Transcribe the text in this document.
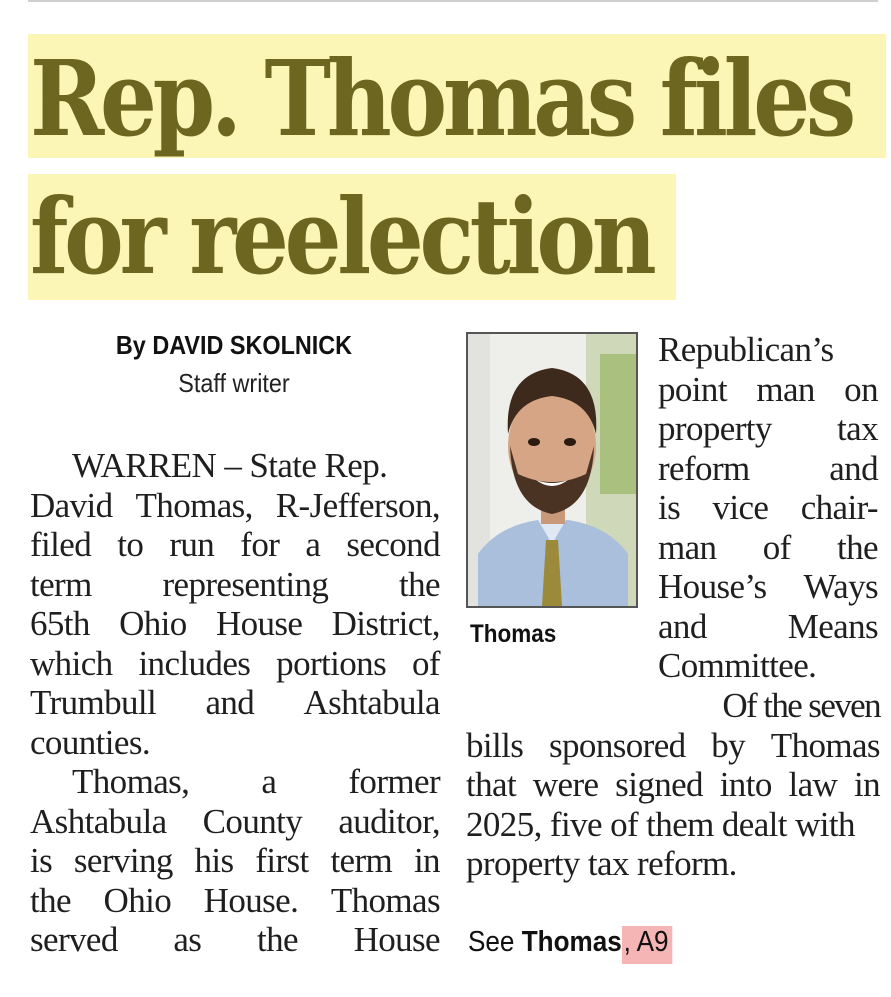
Rep. Thomas files
for reelection
By DAVID SKOLNICK
Staff writer
WARREN – State Rep.
David Thomas, R-Jefferson,
filed to run for a second
term representing the
65th Ohio House District,
which includes portions of
Trumbull and Ashtabula
counties.
Thomas, a former
Ashtabula County auditor,
is serving his first term in
the Ohio House. Thomas
served as the House
Thomas
Republican’s
point man on
property tax
reform and
is vice chair-
man of the
House’s Ways
and Means
Committee.
Of the seven
bills sponsored by Thomas
that were signed into law in
2025, five of them dealt with
property tax reform.
See Thomas, A9
